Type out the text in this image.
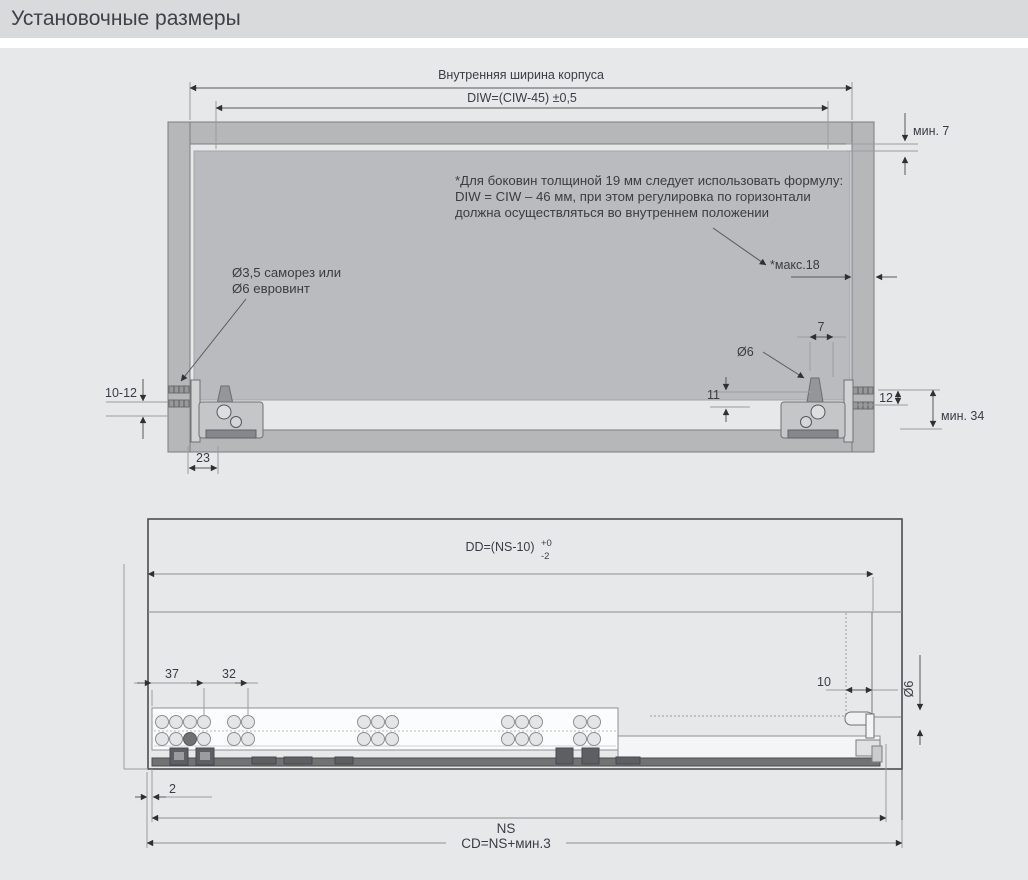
Установочные размеры
Внутренняя ширина корпуса
DIW=(CIW-45) ±0,5
мин. 7
*Для боковин толщиной 19 мм следует использовать формулу:
DIW = CIW – 46 мм, при этом регулировка по горизонтали
должна осуществляться во внутреннем положении
*макс.18
Ø3,5 саморез или
Ø6 евровинт
7
Ø6
11	12
мин. 34
10-12
23
DD=(NS-10) +0
-2
37	32
10	Ø6
2
NS
CD=NS+мин.3
